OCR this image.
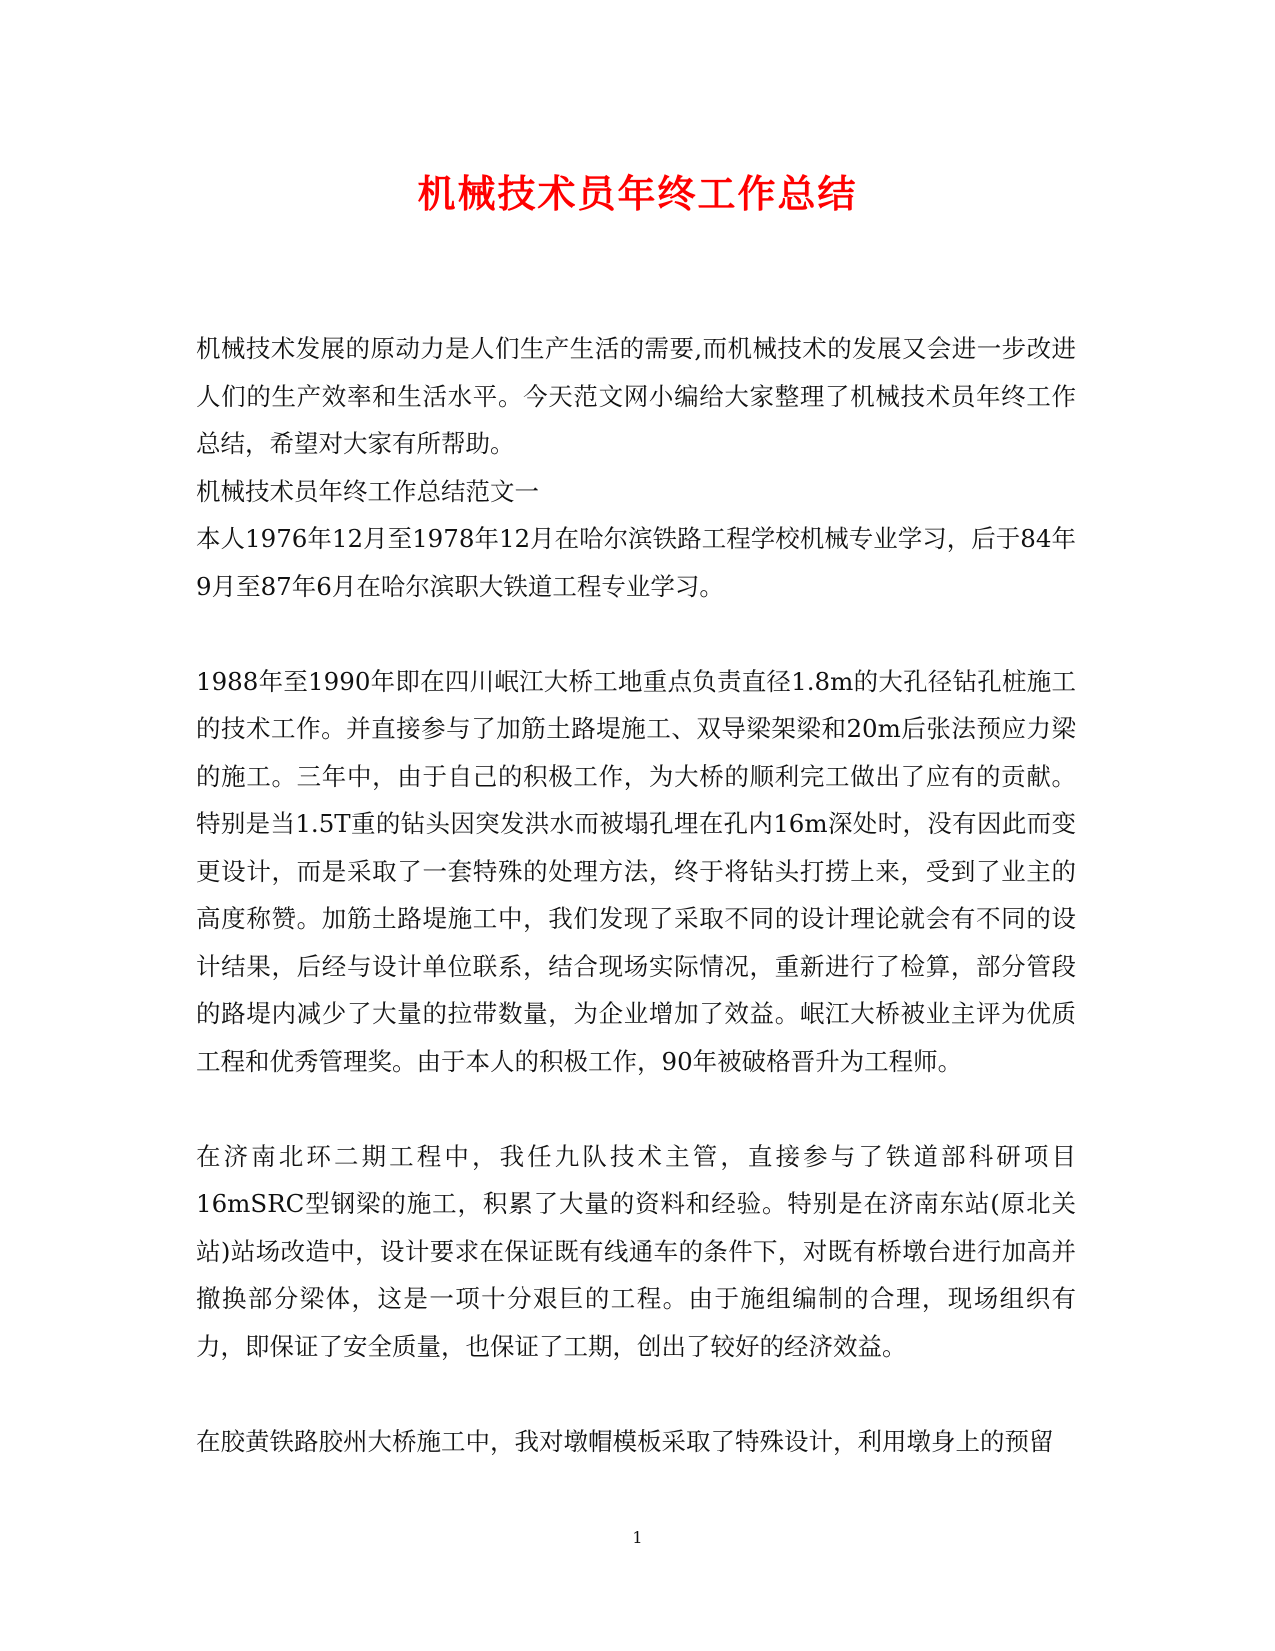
机械技术员年终工作总结

机械技术发展的原动力是人们生产生活的需要,而机械技术的发展又会进一步改进人们的生产效率和生活水平。今天范文网小编给大家整理了机械技术员年终工作总结，希望对大家有所帮助。

机械技术员年终工作总结范文一

本人1976年12月至1978年12月在哈尔滨铁路工程学校机械专业学习，后于84年9月至87年6月在哈尔滨职大铁道工程专业学习。

1988年至1990年即在四川岷江大桥工地重点负责直径1.8m的大孔径钻孔桩施工的技术工作。并直接参与了加筋土路堤施工、双导梁架梁和20m后张法预应力梁的施工。三年中，由于自己的积极工作，为大桥的顺利完工做出了应有的贡献。特别是当1.5T重的钻头因突发洪水而被塌孔埋在孔内16m深处时，没有因此而变更设计，而是采取了一套特殊的处理方法，终于将钻头打捞上来，受到了业主的高度称赞。加筋土路堤施工中，我们发现了采取不同的设计理论就会有不同的设计结果，后经与设计单位联系，结合现场实际情况，重新进行了检算，部分管段的路堤内减少了大量的拉带数量，为企业增加了效益。岷江大桥被业主评为优质工程和优秀管理奖。由于本人的积极工作，90年被破格晋升为工程师。

在济南北环二期工程中，我任九队技术主管，直接参与了铁道部科研项目16mSRC型钢梁的施工，积累了大量的资料和经验。特别是在济南东站(原北关站)站场改造中，设计要求在保证既有线通车的条件下，对既有桥墩台进行加高并撤换部分梁体，这是一项十分艰巨的工程。由于施组编制的合理，现场组织有力，即保证了安全质量，也保证了工期，创出了较好的经济效益。

在胶黄铁路胶州大桥施工中，我对墩帽模板采取了特殊设计，利用墩身上的预留

1
